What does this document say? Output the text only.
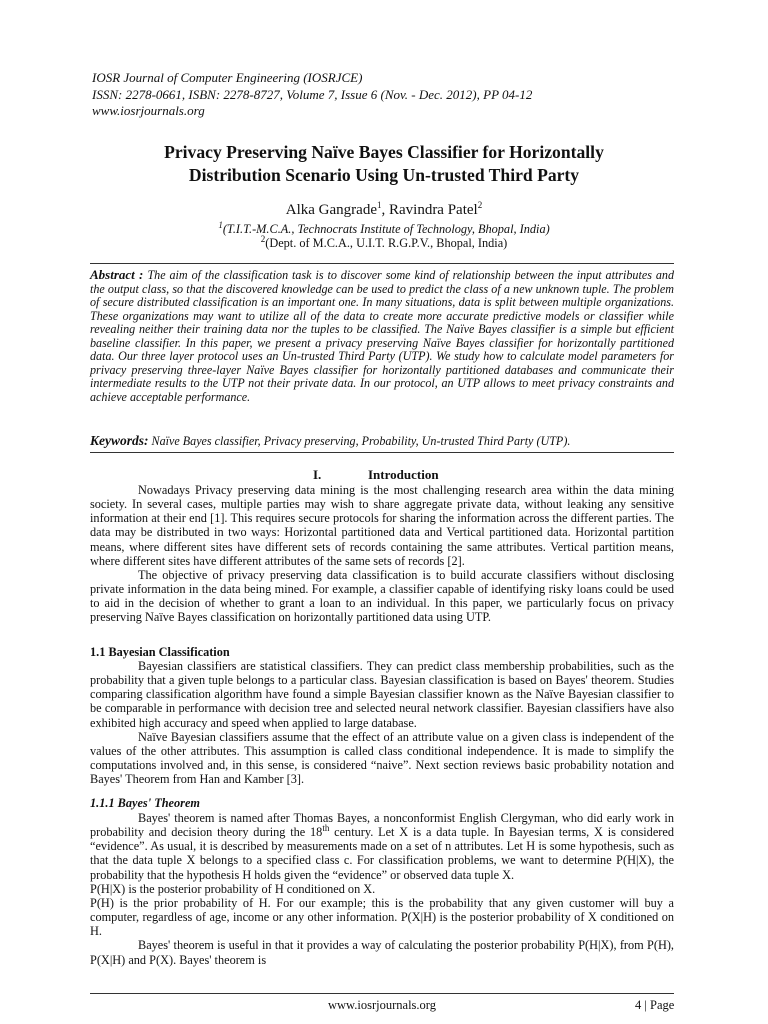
IOSR Journal of Computer Engineering (IOSRJCE)
ISSN: 2278-0661, ISBN: 2278-8727, Volume 7, Issue 6 (Nov. - Dec. 2012), PP 04-12
www.iosrjournals.org
Privacy Preserving Naïve Bayes Classifier for Horizontally
Distribution Scenario Using Un-trusted Third Party
Alka Gangrade$^1$, Ravindra Patel$^2$
$^1$(T.I.T.-M.C.A., Technocrats Institute of Technology, Bhopal, India)
$^2$(Dept. of M.C.A., U.I.T. R.G.P.V., Bhopal, India)
Abstract : The aim of the classification task is to discover some kind of relationship between the input attributes and the output class, so that the discovered knowledge can be used to predict the class of a new unknown tuple. The problem of secure distributed classification is an important one. In many situations, data is split between multiple organizations. These organizations may want to utilize all of the data to create more accurate predictive models or classifier while revealing neither their training data nor the tuples to be classified. The Naïve Bayes classifier is a simple but efficient baseline classifier. In this paper, we present a privacy preserving Naïve Bayes classifier for horizontally partitioned data. Our three layer protocol uses an Un-trusted Third Party (UTP). We study how to calculate model parameters for privacy preserving three-layer Naïve Bayes classifier for horizontally partitioned databases and communicate their intermediate results to the UTP not their private data. In our protocol, an UTP allows to meet privacy constraints and achieve acceptable performance.
Keywords: Naïve Bayes classifier, Privacy preserving, Probability, Un-trusted Third Party (UTP).
I.	Introduction

Nowadays Privacy preserving data mining is the most challenging research area within the data mining society. In several cases, multiple parties may wish to share aggregate private data, without leaking any sensitive information at their end [1]. This requires secure protocols for sharing the information across the different parties. The data may be distributed in two ways: Horizontal partitioned data and Vertical partitioned data. Horizontal partition means, where different sites have different sets of records containing the same attributes. Vertical partition means, where different sites have different attributes of the same sets of records [2].

The objective of privacy preserving data classification is to build accurate classifiers without disclosing private information in the data being mined. For example, a classifier capable of identifying risky loans could be used to aid in the decision of whether to grant a loan to an individual. In this paper, we particularly focus on privacy preserving Naïve Bayes classification on horizontally partitioned data using UTP.

1.1 Bayesian Classification

Bayesian classifiers are statistical classifiers. They can predict class membership probabilities, such as the probability that a given tuple belongs to a particular class. Bayesian classification is based on Bayes' theorem. Studies comparing classification algorithm have found a simple Bayesian classifier known as the Naïve Bayesian classifier to be comparable in performance with decision tree and selected neural network classifier. Bayesian classifiers have also exhibited high accuracy and speed when applied to large database.

Naïve Bayesian classifiers assume that the effect of an attribute value on a given class is independent of the values of the other attributes. This assumption is called class conditional independence. It is made to simplify the computations involved and, in this sense, is considered “naive”. Next section reviews basic probability notation and Bayes' Theorem from Han and Kamber [3].

1.1.1 Bayes' Theorem

Bayes' theorem is named after Thomas Bayes, a nonconformist English Clergyman, who did early work in probability and decision theory during the 18th century. Let X is a data tuple. In Bayesian terms, X is considered “evidence”. As usual, it is described by measurements made on a set of n attributes. Let H is some hypothesis, such as that the data tuple X belongs to a specified class c. For classification problems, we want to determine P(H|X), the probability that the hypothesis H holds given the “evidence” or observed data tuple X.

P(H|X) is the posterior probability of H conditioned on X.

P(H) is the prior probability of H. For our example; this is the probability that any given customer will buy a computer, regardless of age, income or any other information. P(X|H) is the posterior probability of X conditioned on H.

Bayes' theorem is useful in that it provides a way of calculating the posterior probability P(H|X), from P(H), P(X|H) and P(X). Bayes' theorem is

www.iosrjournals.org	4 | Page
